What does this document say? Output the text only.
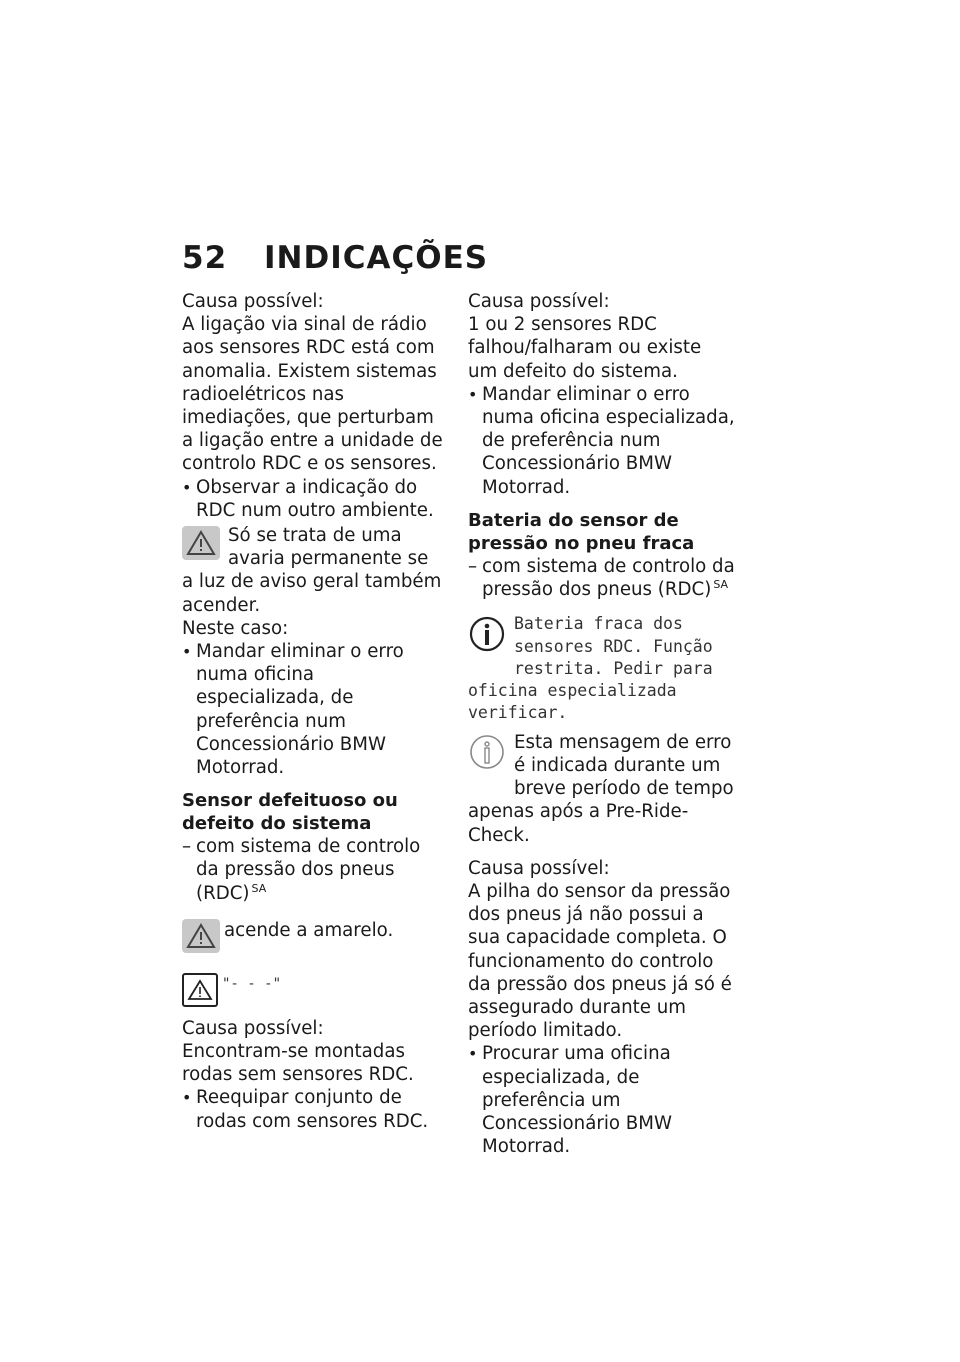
52 INDICAÇÕES

Causa possível:

A ligação via sinal de rádio aos sensores RDC está com anomalia. Existem sistemas radioelétricos nas imediações, que perturbam a ligação entre a unidade de controlo RDC e os sensores.

• Observar a indicação do RDC num outro ambiente.

Só se trata de uma avaria permanente se a luz de aviso geral também acender.

Neste caso:

• Mandar eliminar o erro numa oficina especializada, de preferência num Concessionário BMW Motorrad.

Sensor defeituoso ou defeito do sistema

– com sistema de controlo da pressão dos pneus (RDC) $^{SA}$

acende a amarelo.

"- - -"

Causa possível:

Encontram-se montadas rodas sem sensores RDC.

• Reequipar conjunto de rodas com sensores RDC.

Causa possível:

1 ou 2 sensores RDC falhou/falharam ou existe um defeito do sistema.

• Mandar eliminar o erro numa oficina especializada, de preferência num Concessionário BMW Motorrad.

Bateria do sensor de pressão no pneu fraca

– com sistema de controlo da pressão dos pneus (RDC) $^{SA}$

Bateria fraca dos sensores RDC. Função restrita. Pedir para oficina especializada verificar.

Esta mensagem de erro é indicada durante um breve período de tempo apenas após a Pre-Ride-Check.

Causa possível:

A pilha do sensor da pressão dos pneus já não possui a sua capacidade completa. O funcionamento do controlo da pressão dos pneus já só é assegurado durante um período limitado.

• Procurar uma oficina especializada, de preferência um Concessionário BMW Motorrad.
